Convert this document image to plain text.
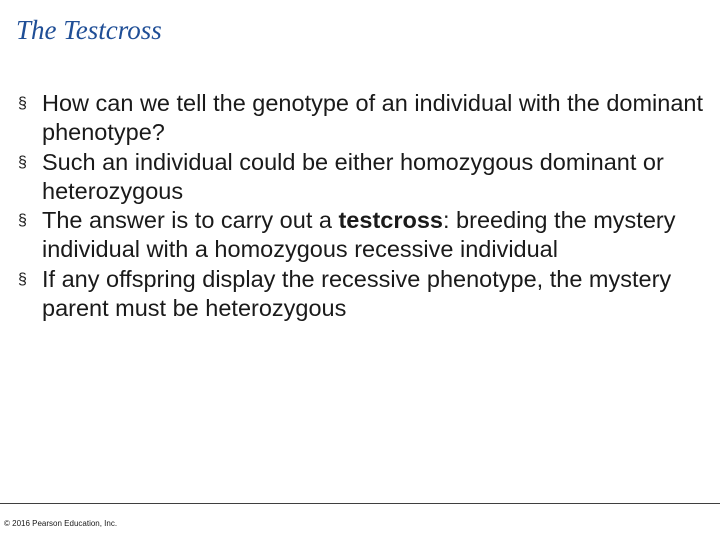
The Testcross
§ How can we tell the genotype of an individual with the dominant phenotype?
§ Such an individual could be either homozygous dominant or heterozygous
§ The answer is to carry out a testcross: breeding the mystery individual with a homozygous recessive individual
§ If any offspring display the recessive phenotype, the mystery parent must be heterozygous
© 2016 Pearson Education, Inc.
